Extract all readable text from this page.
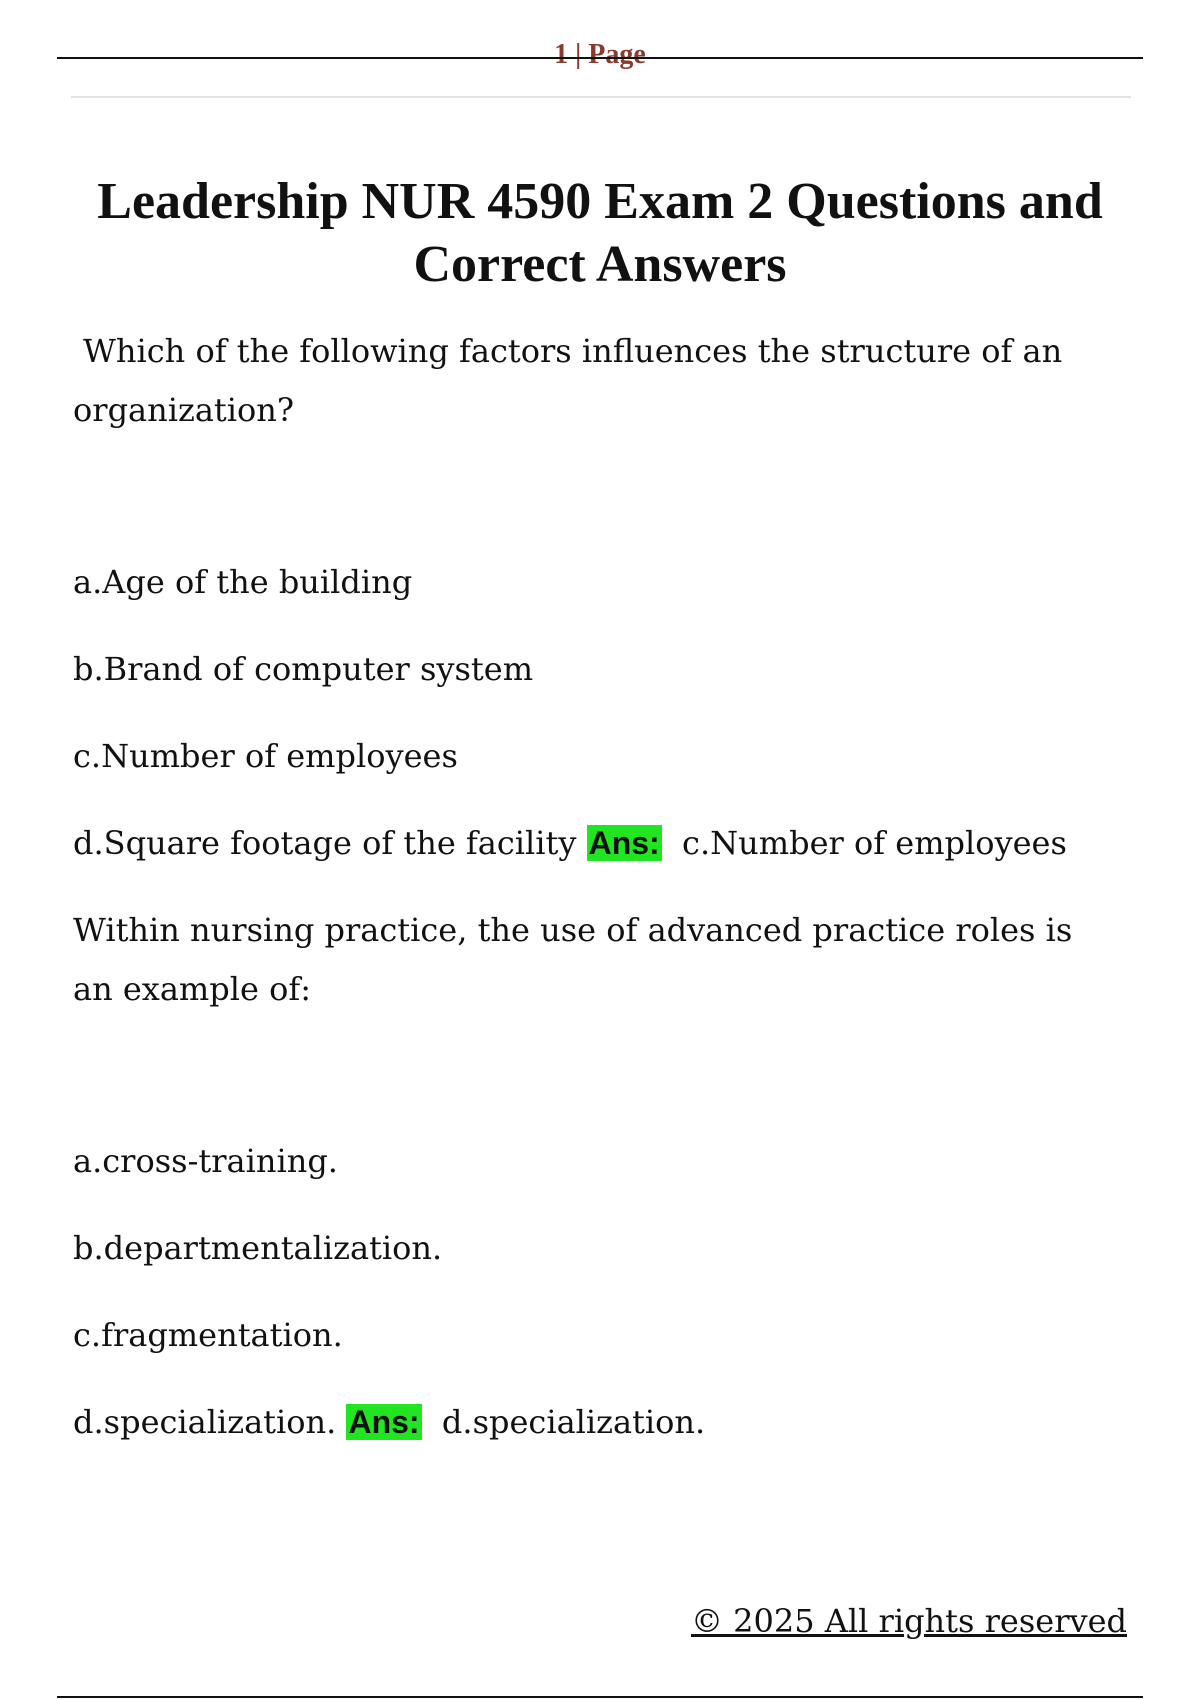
1 | Page
Leadership NUR 4590 Exam 2 Questions and Correct Answers

Which of the following factors influences the structure of an organization?

a.Age of the building

b.Brand of computer system

c.Number of employees

d.Square footage of the facility Ans: c.Number of employees

Within nursing practice, the use of advanced practice roles is an example of:

a.cross-training.

b.departmentalization.

c.fragmentation.

d.specialization. Ans: d.specialization.

© 2025 All rights reserved
